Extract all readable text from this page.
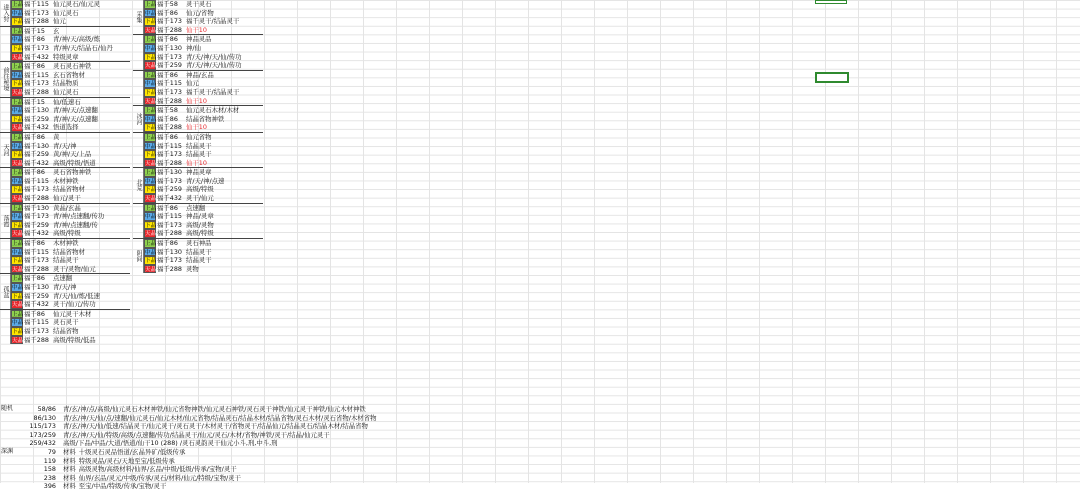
进入狩 上品 福千115 仙元灵石/仙元灵
中品 福千173 仙元灵石
下品 福千288 仙元
上品 福千15	玄
中品 福千86	青/神/天/高级/炼
下品 福千173 青/神/天/结晶石/仙丹
天品 福千432 特级灵章
前往秘境
上品 福千86	灵石灵石神铁
中品 福千115 玄石省物材
下品 福千173 结晶物质
天品 福千288 仙元灵石
上品 福千15	仙/低速石
中品 福千130 青/神/天/点速翻
下品 福千259 青/神/天/点速翻
天品 福千432 悟道选择
天河
上品 福千86	黄
中品 福千130 青/天/神
下品 福千259 黄/神/天/上品
天品 福千432 高级/特级/悟道
上品 福千86	灵石省物神铁
中品 福千115 木材神铁
下品 福千173 结晶省物材
天品 福千288 仙元/灵干
落霞
上品 福千130 黄晶/玄晶
中品 福千173 青/神/点速翻/传功
下品 福千259 青/神/点速翻/传
天品 福千432 高级/特级
上品 福千86	木材神铁
中品 福千115 结晶省物材
下品 福千173 结晶灵干
天品 福千288 灵干/灵物/仙元
孤盆
上品 福千86	点速翻
中品 福千130 青/天/神
下品 福千259 青/天/仙/炼/低速
天品 福千432 灵干/仙元/传功
上品 福千86	仙元灵干木材
中品 福千115 灵石灵干
下品 福千173 结晶省物
天品 福千288 高级/特级/低品
采集
上品 福千58	灵干灵石
中品 福千86	仙元/省物
下品 福千173 福千灵干/结晶灵干
天品 福千288 仙干10
上品 福千86	神品灵品
中品 福千130 神/仙
下品 福千173 青/天/神/天/仙/传功
天品 福千259 青/天/神/天/仙/传功
上品 福千86	神品/玄品
中品 福千115 仙元
下品 福千173 福千灵干/结晶灵干
天品 福千288 仙干10
冰河
上品 福千58	仙元灵石木材/木材
中品 福千86	结晶省物神铁
下品 福千288 仙干10
上品 福千86	仙元省物
中品 福千115 结晶灵干
下品 福千173 结晶灵干
天品 福千288 仙干10
北荒
上品 福千130 神品灵章
中品 福千173 青/天/神/点速
下品 福千259 高级/特级
天品 福千432 灵干/仙元
上品 福千86	点速翻
中品 福千115 神品/灵章
下品 福千173 高级/灵物
天品 福千288 高级/特级
阴间
上品 福千86	灵石神品
中品 福千130 结晶灵干
下品 福千173 结晶灵干
天品 福千288 灵物
随机	58/86	青/玄/神/点/高级/仙元灵石木材神铁/仙元省物神铁/仙元灵石神铁/灵石灵干神铁/仙元灵干神铁/仙元木材神铁
86/130	青/玄/神/天/仙/点/速翻/仙元灵石/仙元木材/仙元省物/结晶灵石/结晶木材/结晶省物/灵石木材/灵石省物/木材省物
115/173	青/玄/神/天/仙/低速/结晶灵干/仙元灵干/灵石灵干/木材灵干/省物灵干/结晶仙元/结晶灵石/结晶木材/结晶省物
173/259	青/玄/神/天/仙/特级/高级/点速翻/传功/结晶灵干/仙元/灵石/木材/省物/神铁/灵干/结晶/仙元灵干
259/432	高级/下品/中品/大道/悟道/仙干10 (288) /灵石灵韵灵干仙元小斗,刑,中斗,刑
深渊	79	材料 十级灵石灵品悟道/玄晶异矿/低级传承
119	材料 特级灵品/灵石/天地至宝/低级传承
158	材料 高级灵物/高级材料/仙界/玄品/中级/低级/传承/宝物/灵干
238	材料 仙界/玄品/灵元/中级/传承/灵石/材料/仙元/特级/宝物/灵干
396	材料 至宝/中品/特级/传承/宝物/灵干
